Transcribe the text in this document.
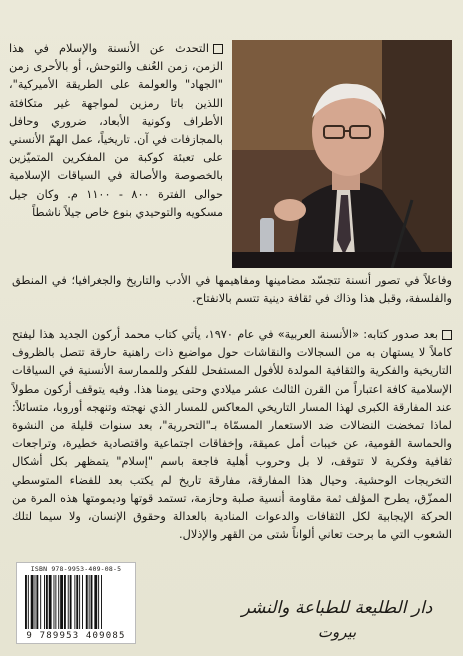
التحدث عن الأنسنة والإسلام في هذا الزمن، زمن العُنف والتوحش، أو بالأحرى زمن "الجهاد" والعولمة على الطريقة الأميركية"، اللذين باتا رمزين لمواجهة غير متكافئة الأطراف وكونية الأبعاد، ضروري وحافل بالمجازفات في آن. تاريخياً، عمل الهمّ الأنسني على تعبئة كوكبة من المفكرين المتميّزين بالخصوصة والأصالة في السياقات الإسلامية حوالى الفترة ٨٠٠ - ١١٠٠ م. وكان جيل مسكويه والتوحيدي بنوع خاص جيلاً ناشطاً

وفاعلاً في تصور أنسنة تتجسّد مضامينها ومفاهيمها في الأدب والتاريخ والجغرافيا؛ في المنطق والفلسفة، وقبل هذا وذاك في ثقافة دينية تتسم بالانفتاح.

بعد صدور كتابه: «الأنسنة العربية» في عام ١٩٧٠، يأتي كتاب محمد أركون الجديد هذا ليفتح كاملاً لا يستهان به من السجالات والنقاشات حول مواضيع ذات راهنية حارقة تتصل بالظروف التاريخية والفكرية والثقافية المولدة للأفول المستفحل للفكر وللممارسة الأنسنية في السياقات الإسلامية كافة اعتباراً من القرن الثالث عشر ميلادي وحتى يومنا هذا. وفيه يتوقف أركون مطولاً عند المفارقة الكبرى لهذا المسار التاريخي المعاكس للمسار الذي نهجته وتنهجه أوروبا، متسائلاً: لماذا تمخضت النضالات ضد الاستعمار المسمّاة بـ"التحررية"، بعد سنوات قليلة من النشوة والحماسة القومية، عن خيبات أمل عميقة، وإخفاقات اجتماعية واقتصادية خطيرة، وتراجعات ثقافية وفكرية لا تتوقف، لا بل وحروب أهلية فاجعة باسم "إسلام" يتمظهر بكل أشكال التخريجات الوحشية. وحيال هذا المفارقة، مفارقة تاريخ لم يكتب بعد للفضاء المتوسطي الممزّق، يطرح المؤلف ثمة مقاومة أنسية صلبة وحازمة، تستمد قوتها وديمومتها هذه المرة من الحركة الإيجابية لكل الثقافات والدعوات المنادية بالعدالة وحقوق الإنسان، ولا سيما لتلك الشعوب التي ما برحت تعاني ألواناً شتى من القهر والإذلال.

ISBN 978-9953-409-08-5
9 789953 409085
دار الطليعة للطباعة والنشر
بيروت
